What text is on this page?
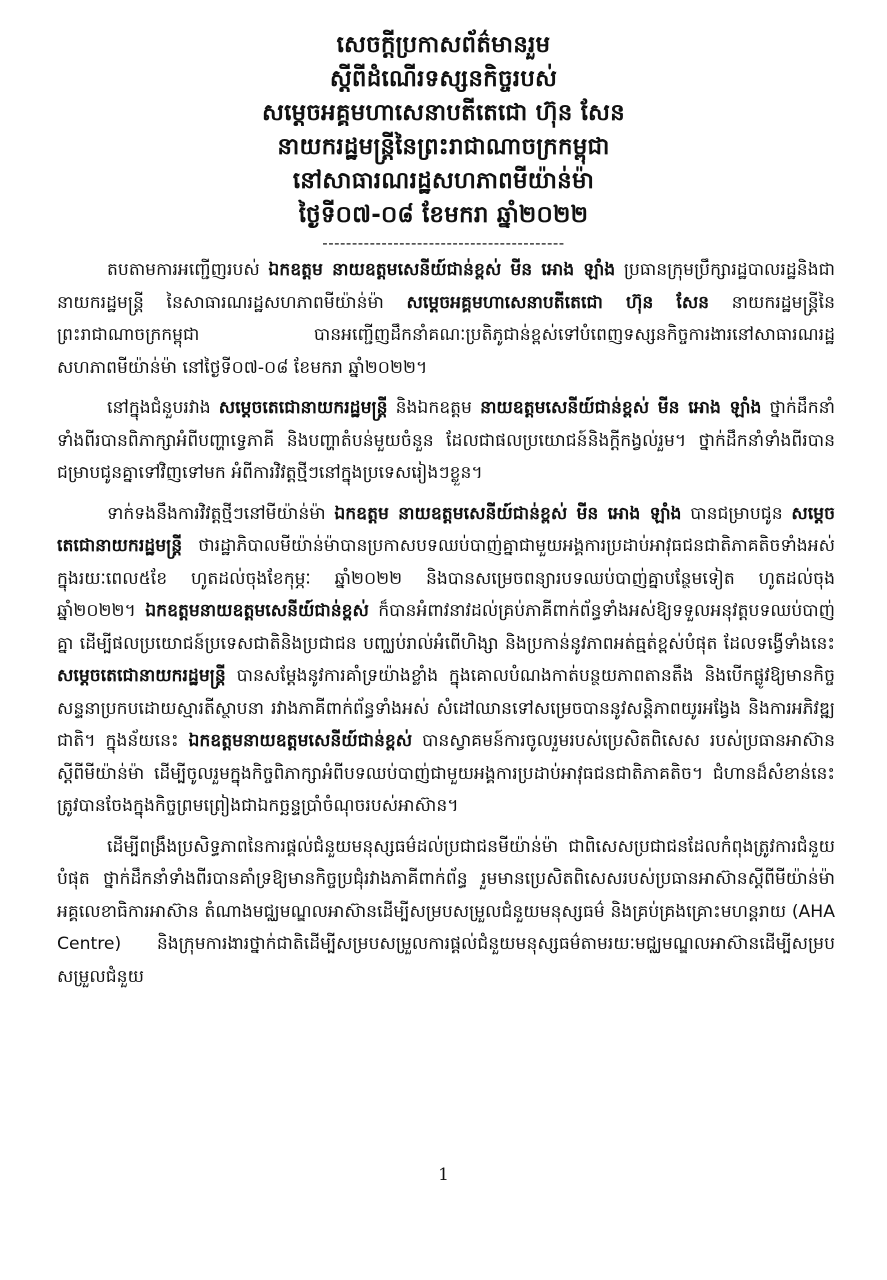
សេចក្ដីប្រកាសព័ត៌មានរួម
ស្ដីពីដំណើរទស្សនកិច្ចរបស់
សម្ដេចអគ្គមហាសេនាបតីតេជោ ហ៊ុន សែន
នាយករដ្ឋមន្ដ្រីនៃព្រះរាជាណាចក្រកម្ពុជា
នៅសាធារណរដ្ឋសហភាពមីយ៉ាន់ម៉ា
ថ្ងៃទី០៧-០៨ ខែមករា ឆ្នាំ២០២២
-----------------------------------------

តបតាមការអញ្ជើញរបស់ ឯកឧត្ដម នាយឧត្ដមសេនីយ៍ជាន់ខ្ពស់ មីន អោង ឡាំង ប្រធានក្រុមប្រឹក្សារដ្ឋបាលរដ្ឋនិងជានាយករដ្ឋមន្ដ្រី នៃសាធារណរដ្ឋសហភាពមីយ៉ាន់ម៉ា សម្ដេចអគ្គមហាសេនាបតីតេជោ ហ៊ុន សែន នាយករដ្ឋមន្ដ្រីនៃព្រះរាជាណាចក្រកម្ពុជា បានអញ្ជើញដឹកនាំគណៈប្រតិភូជាន់ខ្ពស់ទៅបំពេញទស្សនកិច្ចការងារនៅសាធារណរដ្ឋសហភាពមីយ៉ាន់ម៉ា នៅថ្ងៃទី០៧-០៨ ខែមករា ឆ្នាំ២០២២។

នៅក្នុងជំនួបរវាង សម្ដេចតេជោនាយករដ្ឋមន្ដ្រី និងឯកឧត្ដម នាយឧត្ដមសេនីយ៍ជាន់ខ្ពស់ មីន អោង ឡាំង ថ្នាក់ដឹកនាំទាំងពីរបានពិភាក្សាអំពីបញ្ហាទ្វេភាគី និងបញ្ហាតំបន់មួយចំនួន ដែលជាផលប្រយោជន៍និងក្ដីកង្វល់រួម។ ថ្នាក់ដឹកនាំទាំងពីរបានជម្រាបជូនគ្នាទៅវិញទៅមក អំពីការវិវត្តថ្មីៗនៅក្នុងប្រទេសរៀងៗខ្លួន។

ទាក់ទងនឹងការវិវត្តថ្មីៗនៅមីយ៉ាន់ម៉ា ឯកឧត្ដម នាយឧត្ដមសេនីយ៍ជាន់ខ្ពស់ មីន អោង ឡាំង បានជម្រាបជូន សម្ដេចតេជោនាយករដ្ឋមន្ដ្រី ថារដ្ឋាភិបាលមីយ៉ាន់ម៉ាបានប្រកាសបទឈប់បាញ់គ្នាជាមួយអង្គការប្រដាប់អាវុធជនជាតិភាគតិចទាំងអស់ ក្នុងរយៈពេល៥ខែ ហូតដល់ចុងខែកុម្ភៈ ឆ្នាំ២០២២ និងបានសម្រេចពន្យារបទឈប់បាញ់គ្នាបន្ថែមទៀត ហូតដល់ចុងឆ្នាំ២០២២។ ឯកឧត្ដមនាយឧត្ដមសេនីយ៍ជាន់ខ្ពស់ ក៏បានអំពាវនាវដល់គ្រប់ភាគីពាក់ព័ន្ធទាំងអស់ឱ្យទទួលអនុវត្តបទឈប់បាញ់គ្នា ដើម្បីផលប្រយោជន៍ប្រទេសជាតិនិងប្រជាជន បញ្ឈប់រាល់អំពើហិង្សា និងប្រកាន់នូវភាពអត់ធ្មត់ខ្ពស់បំផុត ដែលទង្វើទាំងនេះ សម្ដេចតេជោនាយករដ្ឋមន្ដ្រី បានសម្ដែងនូវការគាំទ្រយ៉ាងខ្លាំង ក្នុងគោលបំណងកាត់បន្ថយភាពតានតឹង និងបើកផ្លូវឱ្យមានកិច្ចសន្ទនាប្រកបដោយស្មារតីស្ថាបនា រវាងភាគីពាក់ព័ន្ធទាំងអស់ សំដៅឈានទៅសម្រេចបាននូវសន្ដិភាពយូរអង្វែង និងការអភិវឌ្ឍជាតិ។ ក្នុងន័យនេះ ឯកឧត្ដមនាយឧត្ដមសេនីយ៍ជាន់ខ្ពស់ បានស្វាគមន៍ការចូលរួមរបស់ប្រេសិតពិសេស របស់ប្រធានអាស៊ាន ស្ដីពីមីយ៉ាន់ម៉ា ដើម្បីចូលរួមក្នុងកិច្ចពិភាក្សាអំពីបទឈប់បាញ់ជាមួយអង្គការប្រដាប់អាវុធជនជាតិភាគតិច។ ជំហានដ៏សំខាន់នេះ ត្រូវបានចែងក្នុងកិច្ចព្រមព្រៀងជាឯកច្ឆន្ទប្រាំចំណុចរបស់អាស៊ាន។

ដើម្បីពង្រឹងប្រសិទ្ធភាពនៃការផ្ដល់ជំនួយមនុស្សធម៌ដល់ប្រជាជនមីយ៉ាន់ម៉ា ជាពិសេសប្រជាជនដែលកំពុងត្រូវការជំនួយបំផុត ថ្នាក់ដឹកនាំទាំងពីរបានគាំទ្រឱ្យមានកិច្ចប្រជុំរវាងភាគីពាក់ព័ន្ធ រួមមានប្រេសិតពិសេសរបស់ប្រធានអាស៊ានស្ដីពីមីយ៉ាន់ម៉ា អគ្គលេខាធិការអាស៊ាន តំណាងមជ្ឈមណ្ឌលអាស៊ានដើម្បីសម្របសម្រួលជំនួយមនុស្សធម៌ និងគ្រប់គ្រងគ្រោះមហន្ដរាយ (AHA Centre) និងក្រុមការងារថ្នាក់ជាតិដើម្បីសម្របសម្រួលការផ្ដល់ជំនួយមនុស្សធម៌តាមរយៈមជ្ឈមណ្ឌលអាស៊ានដើម្បីសម្របសម្រួលជំនួយ

1
